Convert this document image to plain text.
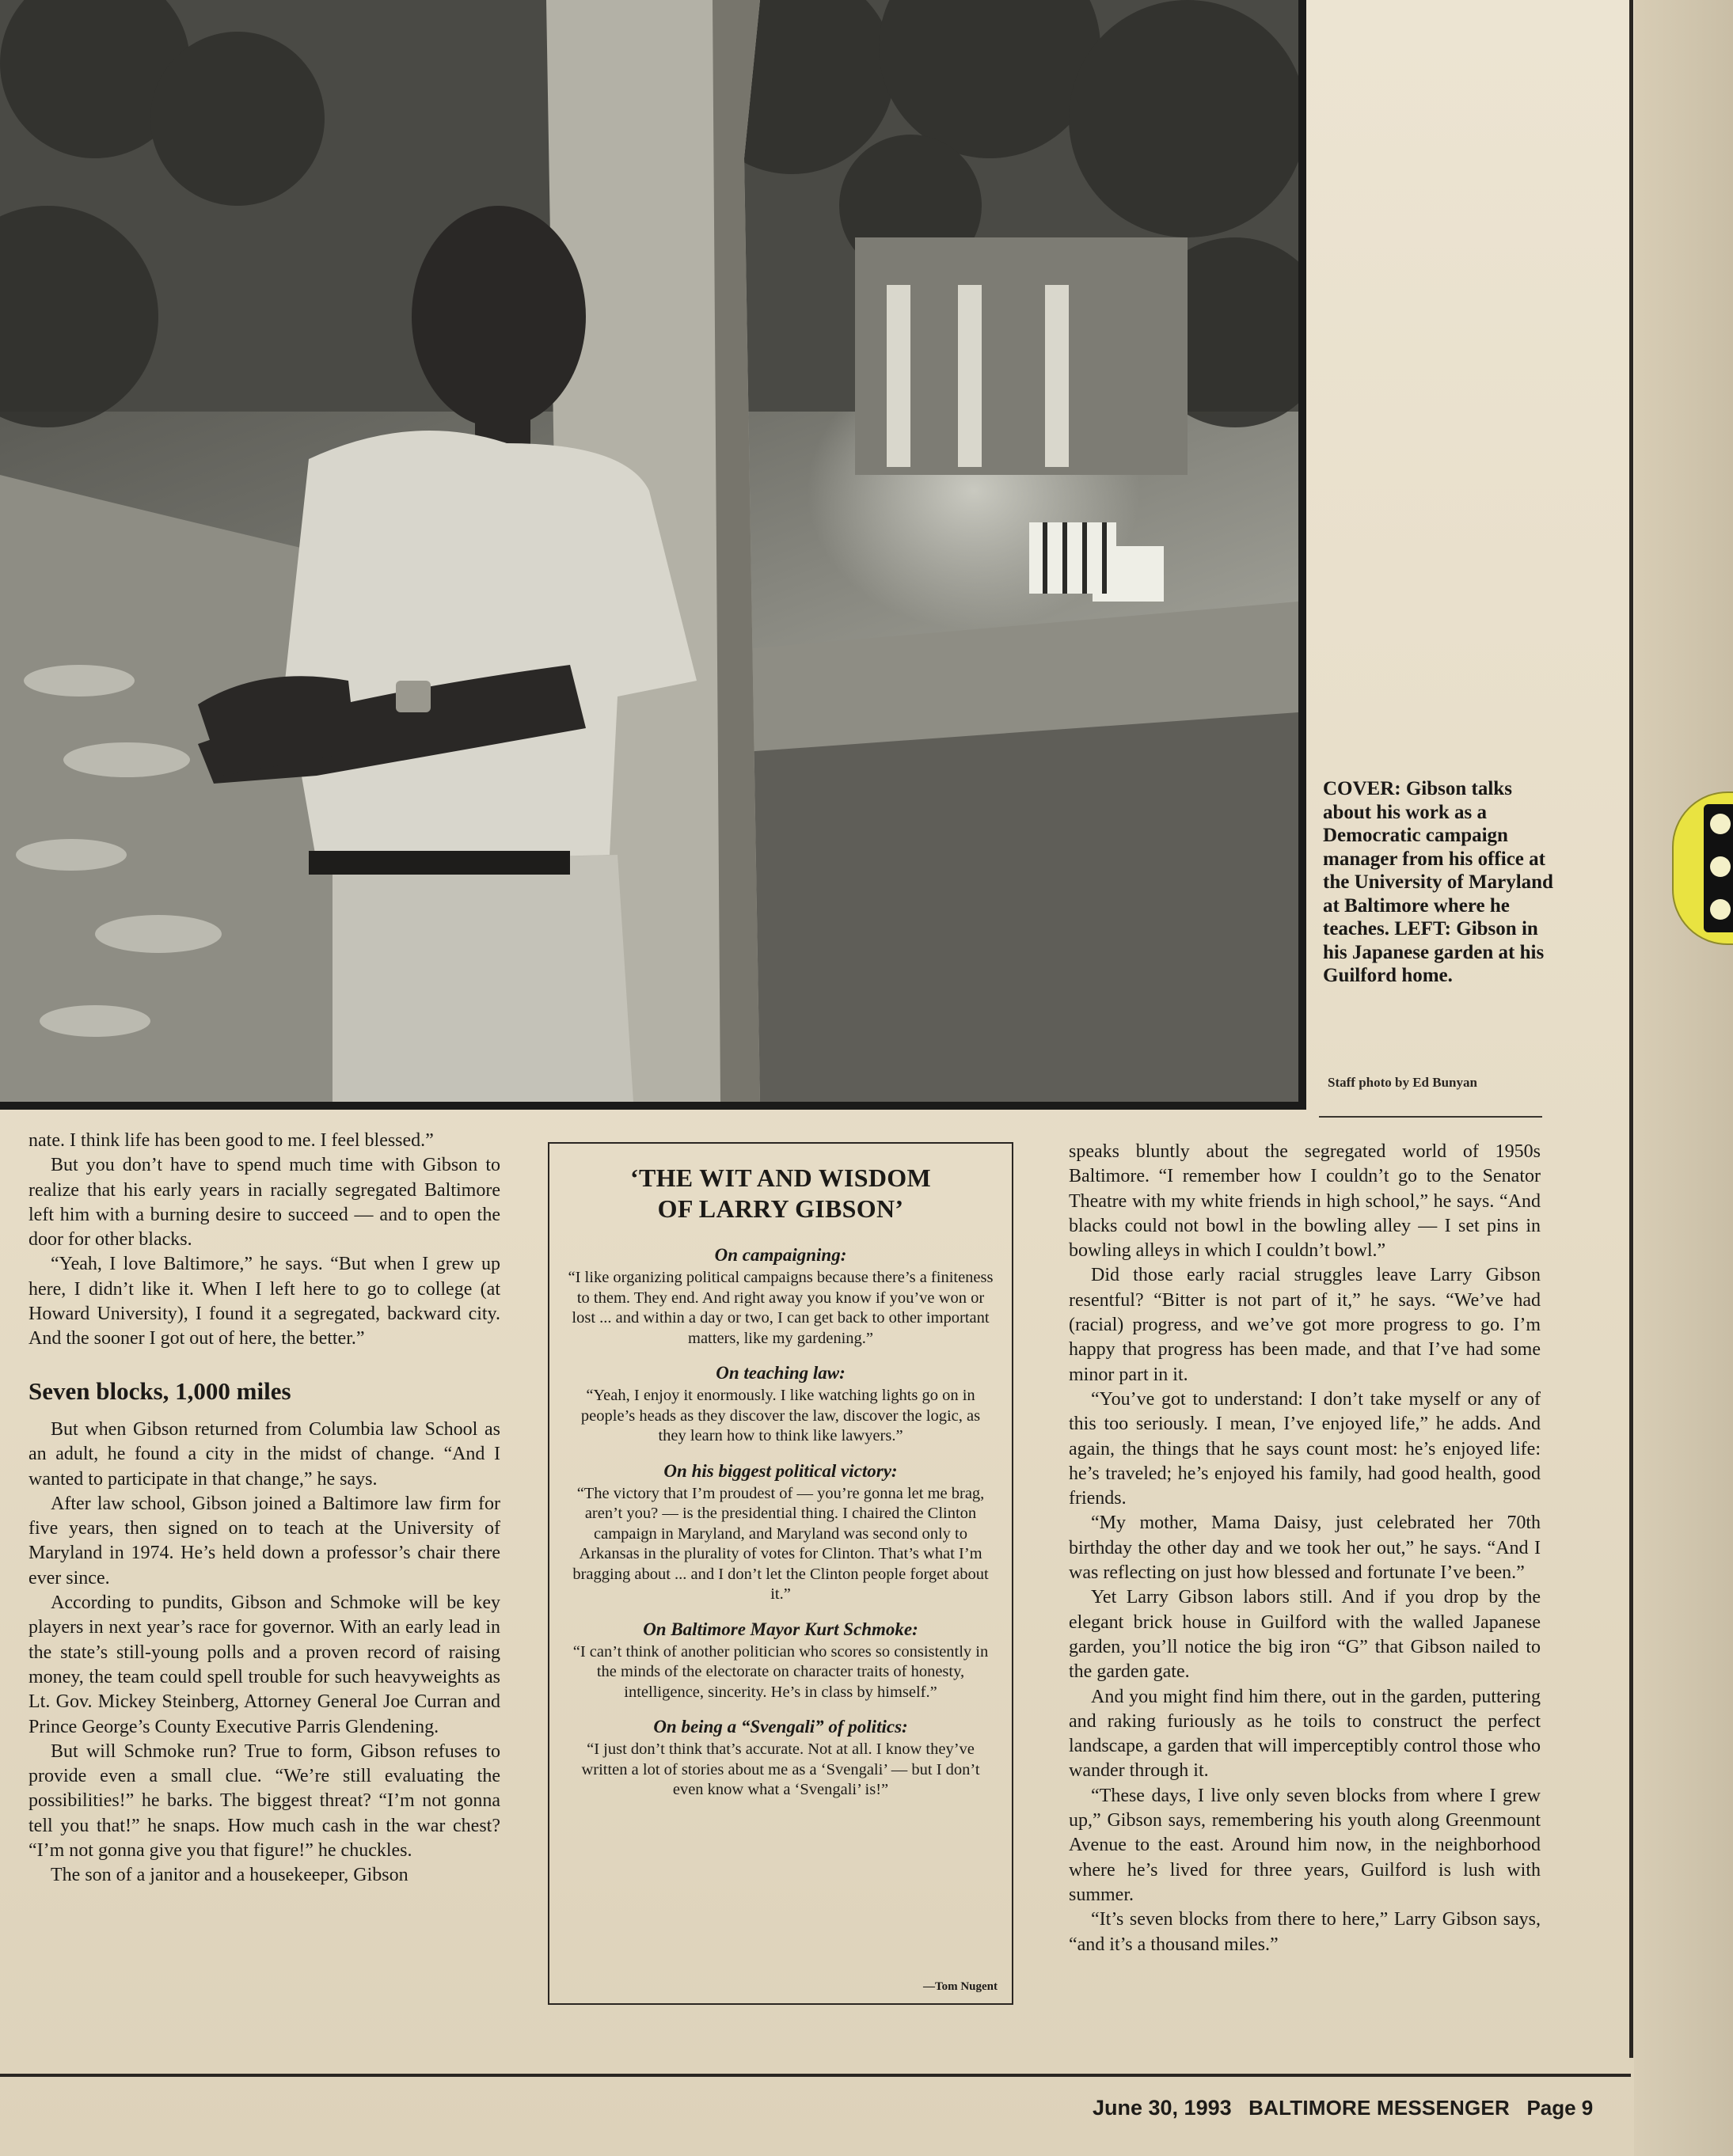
COVER: Gibson talks about his work as a Democratic campaign manager from his office at the University of Maryland at Baltimore where he teaches. LEFT: Gibson in his Japanese garden at his Guilford home.
Staff photo by Ed Bunyan

nate. I think life has been good to me. I feel blessed.”

But you don’t have to spend much time with Gibson to realize that his early years in racially segregated Baltimore left him with a burning desire to succeed — and to open the door for other blacks.

“Yeah, I love Baltimore,” he says. “But when I grew up here, I didn’t like it. When I left here to go to college (at Howard University), I found it a segregated, backward city. And the sooner I got out of here, the better.”

Seven blocks, 1,000 miles

But when Gibson returned from Columbia law School as an adult, he found a city in the midst of change. “And I wanted to participate in that change,” he says.

After law school, Gibson joined a Baltimore law firm for five years, then signed on to teach at the University of Maryland in 1974. He’s held down a professor’s chair there ever since.

According to pundits, Gibson and Schmoke will be key players in next year’s race for governor. With an early lead in the state’s still-young polls and a proven record of raising money, the team could spell trouble for such heavyweights as Lt. Gov. Mickey Steinberg, Attorney General Joe Curran and Prince George’s County Executive Parris Glendening.

But will Schmoke run? True to form, Gibson refuses to provide even a small clue. “We’re still evaluating the possibilities!” he barks. The biggest threat? “I’m not gonna tell you that!” he snaps. How much cash in the war chest? “I’m not gonna give you that figure!” he chuckles.

The son of a janitor and a housekeeper, Gibson

‘THE WIT AND WISDOM
OF LARRY GIBSON’
On campaigning:

“I like organizing political campaigns because there’s a finiteness to them. They end. And right away you know if you’ve won or lost ... and within a day or two, I can get back to other important matters, like my gardening.”

On teaching law:

“Yeah, I enjoy it enormously. I like watching lights go on in people’s heads as they discover the law, discover the logic, as they learn how to think like lawyers.”

On his biggest political victory:

“The victory that I’m proudest of — you’re gonna let me brag, aren’t you? — is the presidential thing. I chaired the Clinton campaign in Maryland, and Maryland was second only to Arkansas in the plurality of votes for Clinton. That’s what I’m bragging about ... and I don’t let the Clinton people forget about it.”

On Baltimore Mayor Kurt Schmoke:

“I can’t think of another politician who scores so consistently in the minds of the electorate on character traits of honesty, intelligence, sincerity. He’s in class by himself.”

On being a “Svengali” of politics:

“I just don’t think that’s accurate. Not at all. I know they’ve written a lot of stories about me as a ‘Svengali’ — but I don’t even know what a ‘Svengali’ is!”

—Tom Nugent

speaks bluntly about the segregated world of 1950s Baltimore. “I remember how I couldn’t go to the Senator Theatre with my white friends in high school,” he says. “And blacks could not bowl in the bowling alley — I set pins in bowling alleys in which I couldn’t bowl.”

Did those early racial struggles leave Larry Gibson resentful? “Bitter is not part of it,” he says. “We’ve had (racial) progress, and we’ve got more progress to go. I’m happy that progress has been made, and that I’ve had some minor part in it.

“You’ve got to understand: I don’t take myself or any of this too seriously. I mean, I’ve enjoyed life,” he adds. And again, the things that he says count most: he’s enjoyed life: he’s traveled; he’s enjoyed his family, had good health, good friends.

“My mother, Mama Daisy, just celebrated her 70th birthday the other day and we took her out,” he says. “And I was reflecting on just how blessed and fortunate I’ve been.”

Yet Larry Gibson labors still. And if you drop by the elegant brick house in Guilford with the walled Japanese garden, you’ll notice the big iron “G” that Gibson nailed to the garden gate.

And you might find him there, out in the garden, puttering and raking furiously as he toils to construct the perfect landscape, a garden that will imperceptibly control those who wander through it.

“These days, I live only seven blocks from where I grew up,” Gibson says, remembering his youth along Greenmount Avenue to the east. Around him now, in the neighborhood where he’s lived for three years, Guilford is lush with summer.

“It’s seven blocks from there to here,” Larry Gibson says, “and it’s a thousand miles.”

June 30, 1993 BALTIMORE MESSENGER Page 9
